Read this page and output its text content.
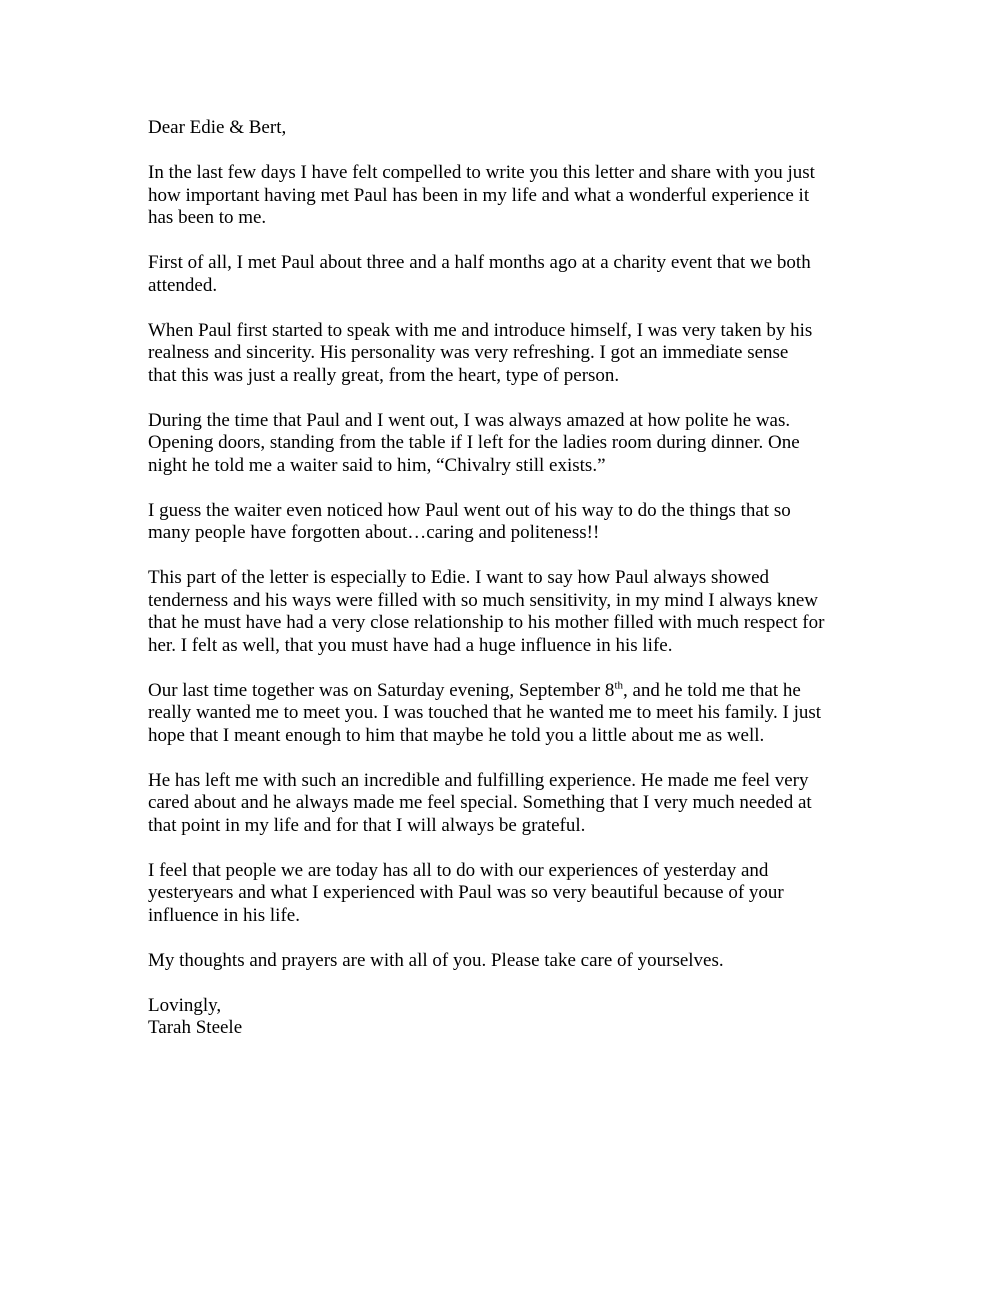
Dear Edie & Bert,

In the last few days I have felt compelled to write you this letter and share with you just
how important having met Paul has been in my life and what a wonderful experience it
has been to me.

First of all, I met Paul about three and a half months ago at a charity event that we both
attended.

When Paul first started to speak with me and introduce himself, I was very taken by his
realness and sincerity. His personality was very refreshing. I got an immediate sense
that this was just a really great, from the heart, type of person.

During the time that Paul and I went out, I was always amazed at how polite he was.
Opening doors, standing from the table if I left for the ladies room during dinner. One
night he told me a waiter said to him, “Chivalry still exists.”

I guess the waiter even noticed how Paul went out of his way to do the things that so
many people have forgotten about…caring and politeness!!

This part of the letter is especially to Edie. I want to say how Paul always showed
tenderness and his ways were filled with so much sensitivity, in my mind I always knew
that he must have had a very close relationship to his mother filled with much respect for
her. I felt as well, that you must have had a huge influence in his life.

Our last time together was on Saturday evening, September 8th, and he told me that he
really wanted me to meet you. I was touched that he wanted me to meet his family. I just
hope that I meant enough to him that maybe he told you a little about me as well.

He has left me with such an incredible and fulfilling experience. He made me feel very
cared about and he always made me feel special. Something that I very much needed at
that point in my life and for that I will always be grateful.

I feel that people we are today has all to do with our experiences of yesterday and
yesteryears and what I experienced with Paul was so very beautiful because of your
influence in his life.

My thoughts and prayers are with all of you. Please take care of yourselves.

Lovingly,

Tarah Steele
